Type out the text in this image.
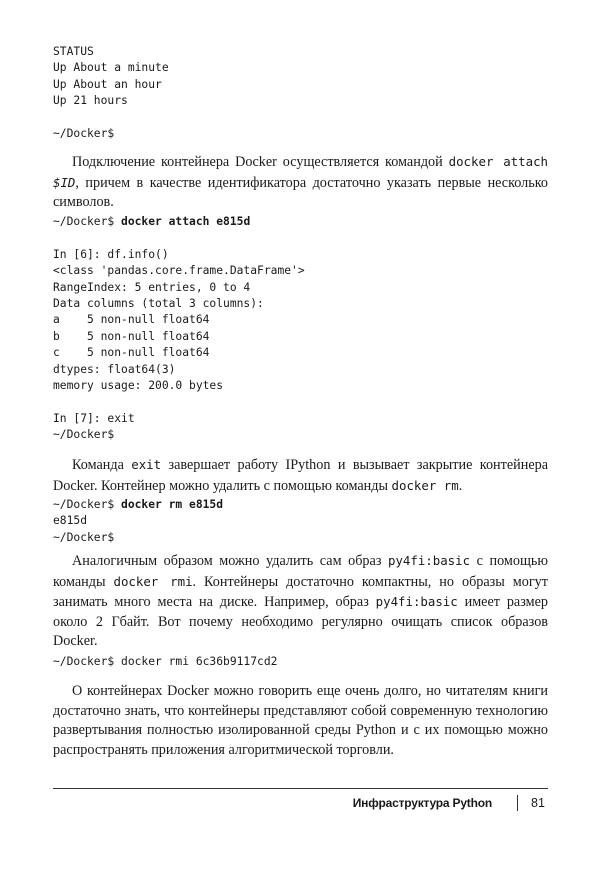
STATUS
Up About a minute
Up About an hour
Up 21 hours

~/Docker$

Подключение контейнера Docker осуществляется командой docker attach $ID, причем в качестве идентификатора достаточно указать первые несколько символов.

~/Docker$ docker attach e815d

In [6]: df.info()
<class 'pandas.core.frame.DataFrame'>
RangeIndex: 5 entries, 0 to 4
Data columns (total 3 columns):
a    5 non-null float64
b    5 non-null float64
c    5 non-null float64
dtypes: float64(3)
memory usage: 200.0 bytes

In [7]: exit
~/Docker$

Команда exit завершает работу IPython и вызывает закрытие контейнера Docker. Контейнер можно удалить с помощью команды docker rm.

~/Docker$ docker rm e815d
e815d
~/Docker$

Аналогичным образом можно удалить сам образ py4fi:basic с помощью команды docker rmi. Контейнеры достаточно компактны, но образы могут занимать много места на диске. Например, образ py4fi:basic имеет размер около 2 Гбайт. Вот почему необходимо регулярно очищать список образов Docker.

~/Docker$ docker rmi 6c36b9117cd2

О контейнерах Docker можно говорить еще очень долго, но читателям книги достаточно знать, что контейнеры представляют собой современную технологию развертывания полностью изолированной среды Python и с их помощью можно распространять приложения алгоритмической торговли.

Инфраструктура Python	81
